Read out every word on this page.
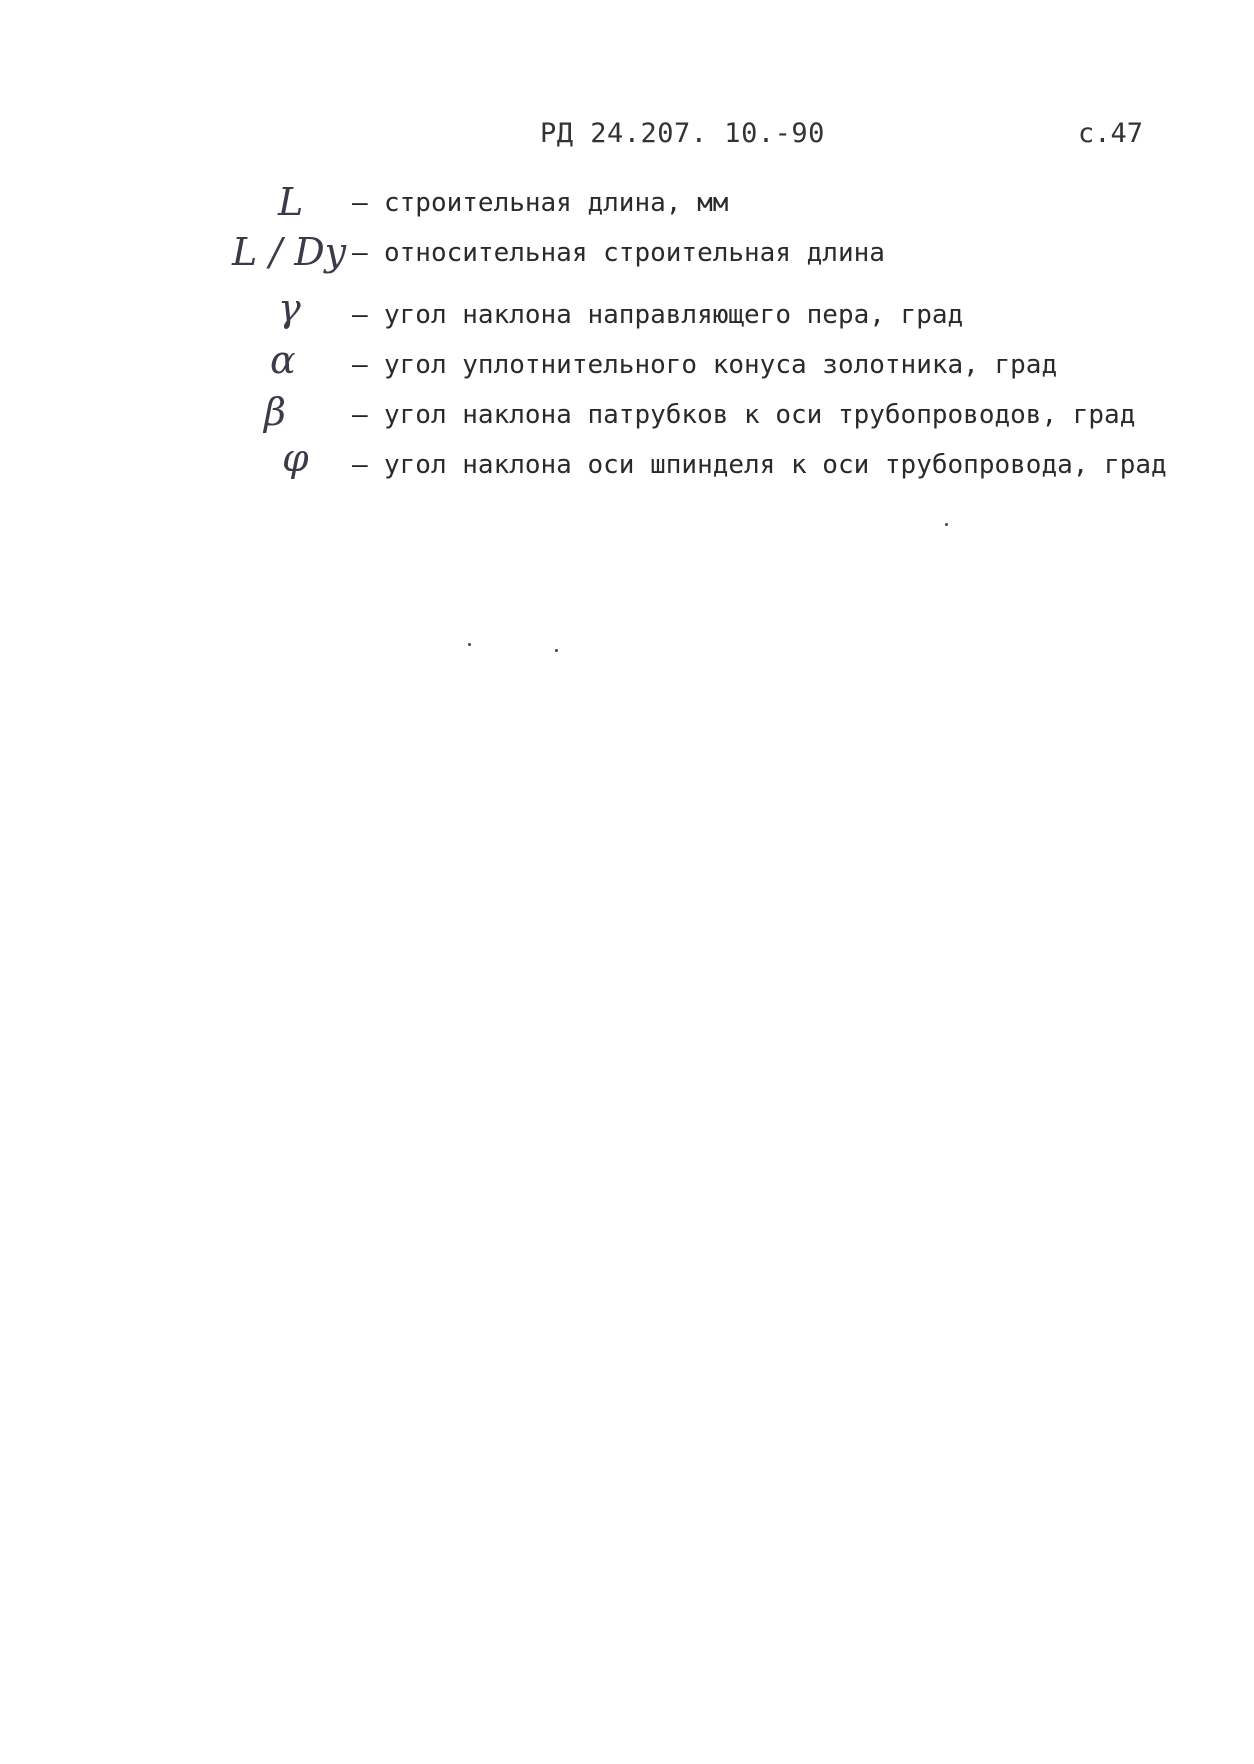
РД 24.207. 10.-90	с.47
L – строительная длина, мм
L / Dy – относительная строительная длина
γ – угол наклона направляющего пера, град
α – угол уплотнительного конуса золотника, град
β	– угол наклона патрубков к оси трубопроводов, град
φ – угол наклона оси шпинделя к оси трубопровода, град
